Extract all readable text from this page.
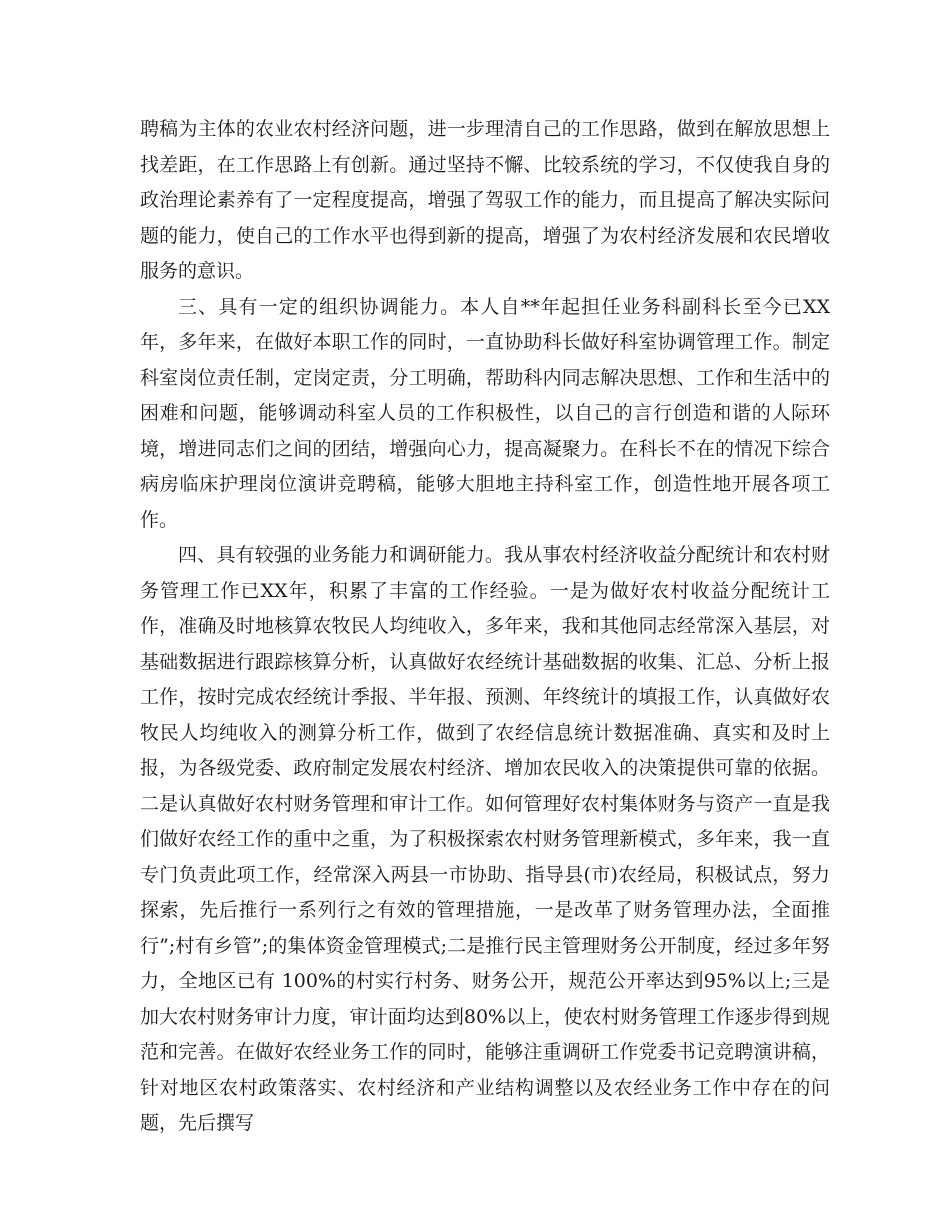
聘稿为主体的农业农村经济问题，进一步理清自己的工作思路，做到在解放思想上找差距，在工作思路上有创新。通过坚持不懈、比较系统的学习，不仅使我自身的政治理论素养有了一定程度提高，增强了驾驭工作的能力，而且提高了解决实际问题的能力，使自己的工作水平也得到新的提高，增强了为农村经济发展和农民增收服务的意识。

三、具有一定的组织协调能力。本人自**年起担任业务科副科长至今已XX年，多年来，在做好本职工作的同时，一直协助科长做好科室协调管理工作。制定科室岗位责任制，定岗定责，分工明确，帮助科内同志解决思想、工作和生活中的困难和问题，能够调动科室人员的工作积极性，以自己的言行创造和谐的人际环境，增进同志们之间的团结，增强向心力，提高凝聚力。在科长不在的情况下综合病房临床护理岗位演讲竞聘稿，能够大胆地主持科室工作，创造性地开展各项工作。

四、具有较强的业务能力和调研能力。我从事农村经济收益分配统计和农村财务管理工作已XX年，积累了丰富的工作经验。一是为做好农村收益分配统计工作，准确及时地核算农牧民人均纯收入，多年来，我和其他同志经常深入基层，对基础数据进行跟踪核算分析，认真做好农经统计基础数据的收集、汇总、分析上报工作，按时完成农经统计季报、半年报、预测、年终统计的填报工作，认真做好农牧民人均纯收入的测算分析工作，做到了农经信息统计数据准确、真实和及时上报，为各级党委、政府制定发展农村经济、增加农民收入的决策提供可靠的依据。二是认真做好农村财务管理和审计工作。如何管理好农村集体财务与资产一直是我们做好农经工作的重中之重，为了积极探索农村财务管理新模式，多年来，我一直专门负责此项工作，经常深入两县一市协助、指导县(市)农经局，积极试点，努力探索，先后推行一系列行之有效的管理措施，一是改革了财务管理办法，全面推行”;村有乡管”;的集体资金管理模式;二是推行民主管理财务公开制度，经过多年努力，全地区已有 100%的村实行村务、财务公开，规范公开率达到95%以上;三是加大农村财务审计力度，审计面均达到80%以上，使农村财务管理工作逐步得到规范和完善。在做好农经业务工作的同时，能够注重调研工作党委书记竞聘演讲稿，针对地区农村政策落实、农村经济和产业结构调整以及农经业务工作中存在的问题，先后撰写
